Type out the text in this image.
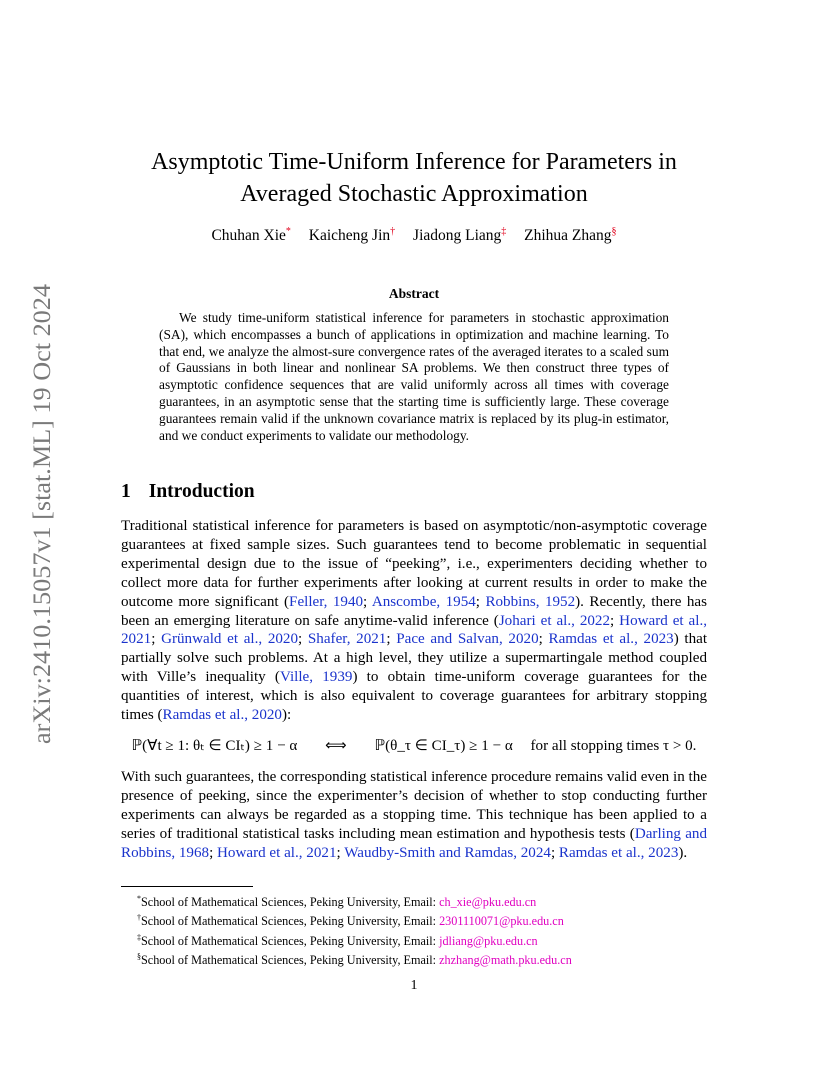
arXiv:2410.15057v1 [stat.ML] 19 Oct 2024
Asymptotic Time-Uniform Inference for Parameters in
Averaged Stochastic Approximation
Chuhan Xie* Kaicheng Jin† Jiadong Liang‡ Zhihua Zhang§
Abstract
We study time-uniform statistical inference for parameters in stochastic approximation (SA), which encompasses a bunch of applications in optimization and machine learning. To that end, we analyze the almost-sure convergence rates of the averaged iterates to a scaled sum of Gaussians in both linear and nonlinear SA problems. We then construct three types of asymptotic confidence sequences that are valid uniformly across all times with coverage guarantees, in an asymptotic sense that the starting time is sufficiently large. These coverage guarantees remain valid if the unknown covariance matrix is replaced by its plug-in estimator, and we conduct experiments to validate our methodology.
1 Introduction
Traditional statistical inference for parameters is based on asymptotic/non-asymptotic coverage guarantees at fixed sample sizes. Such guarantees tend to become problematic in sequential experimental design due to the issue of “peeking”, i.e., experimenters deciding whether to collect more data for further experiments after looking at current results in order to make the outcome more significant (Feller, 1940; Anscombe, 1954; Robbins, 1952). Recently, there has been an emerging literature on safe anytime-valid inference (Johari et al., 2022; Howard et al., 2021; Grünwald et al., 2020; Shafer, 2021; Pace and Salvan, 2020; Ramdas et al., 2023) that partially solve such problems. At a high level, they utilize a supermartingale method coupled with Ville’s inequality (Ville, 1939) to obtain time-uniform coverage guarantees for the quantities of interest, which is also equivalent to coverage guarantees for arbitrary stopping times (Ramdas et al., 2020):
ℙ(∀t ≥ 1: θₜ ∈ CIₜ) ≥ 1 − α ⟺ ℙ(θ_τ ∈ CI_τ) ≥ 1 − α for all stopping times τ > 0.
With such guarantees, the corresponding statistical inference procedure remains valid even in the presence of peeking, since the experimenter’s decision of whether to stop conducting further experiments can always be regarded as a stopping time. This technique has been applied to a series of traditional statistical tasks including mean estimation and hypothesis tests (Darling and Robbins, 1968; Howard et al., 2021; Waudby-Smith and Ramdas, 2024; Ramdas et al., 2023).
*School of Mathematical Sciences, Peking University, Email: ch_xie@pku.edu.cn
†School of Mathematical Sciences, Peking University, Email: 2301110071@pku.edu.cn
‡School of Mathematical Sciences, Peking University, Email: jdliang@pku.edu.cn
§School of Mathematical Sciences, Peking University, Email: zhzhang@math.pku.edu.cn
1
